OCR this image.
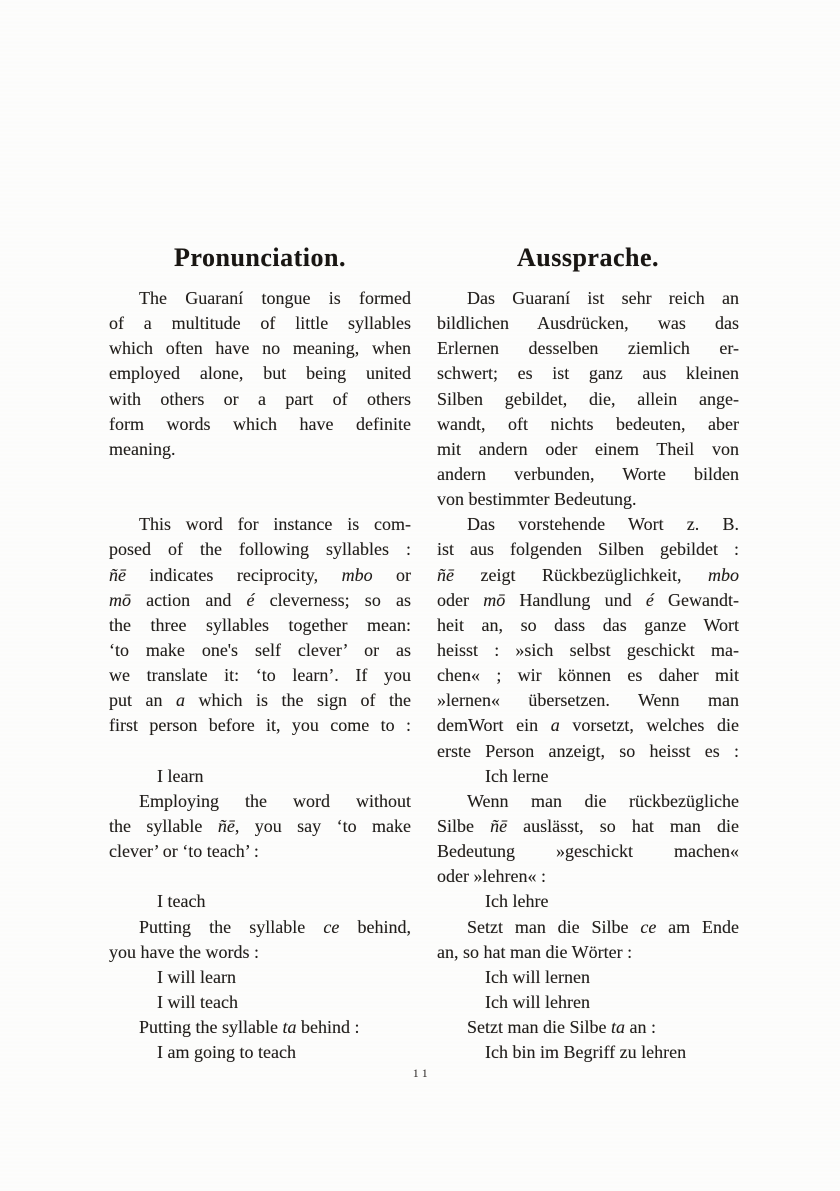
Pronunciation.	Aussprache.
The Guaraní tongue is formed
of a multitude of little syllables
which often have no meaning, when
employed alone, but being united
with others or a part of others
form words which have definite
meaning.

This word for instance is com-
posed of the following syllables :
ñē indicates reciprocity, mbo or
mō action and é cleverness; so as
the three syllables together mean:
‘to make one's self clever’ or as
we translate it: ‘to learn’. If you
put an a which is the sign of the
first person before it, you come to :

I learn
Employing the word without
the syllable ñē, you say ‘to make
clever’ or ‘to teach’ :

I teach
Putting the syllable ce behind,
you have the words :
I will learn
I will teach
Putting the syllable ta behind :
I am going to teach
Das Guaraní ist sehr reich an
bildlichen Ausdrücken, was das
Erlernen desselben ziemlich er-
schwert; es ist ganz aus kleinen
Silben gebildet, die, allein ange-
wandt, oft nichts bedeuten, aber
mit andern oder einem Theil von
andern verbunden, Worte bilden
von bestimmter Bedeutung.
Das vorstehende Wort z. B.
ist aus folgenden Silben gebildet :
ñē zeigt Rückbezüglichkeit, mbo
oder mō Handlung und é Gewandt-
heit an, so dass das ganze Wort
heisst : »sich selbst geschickt ma-
chen« ; wir können es daher mit
»lernen« übersetzen. Wenn man
demWort ein a vorsetzt, welches die
erste Person anzeigt, so heisst es :
Ich lerne
Wenn man die rückbezügliche
Silbe ñē auslässt, so hat man die
Bedeutung »geschickt machen«
oder »lehren« :
Ich lehre
Setzt man die Silbe ce am Ende
an, so hat man die Wörter :
Ich will lernen
Ich will lehren
Setzt man die Silbe ta an :
Ich bin im Begriff zu lehren
11
